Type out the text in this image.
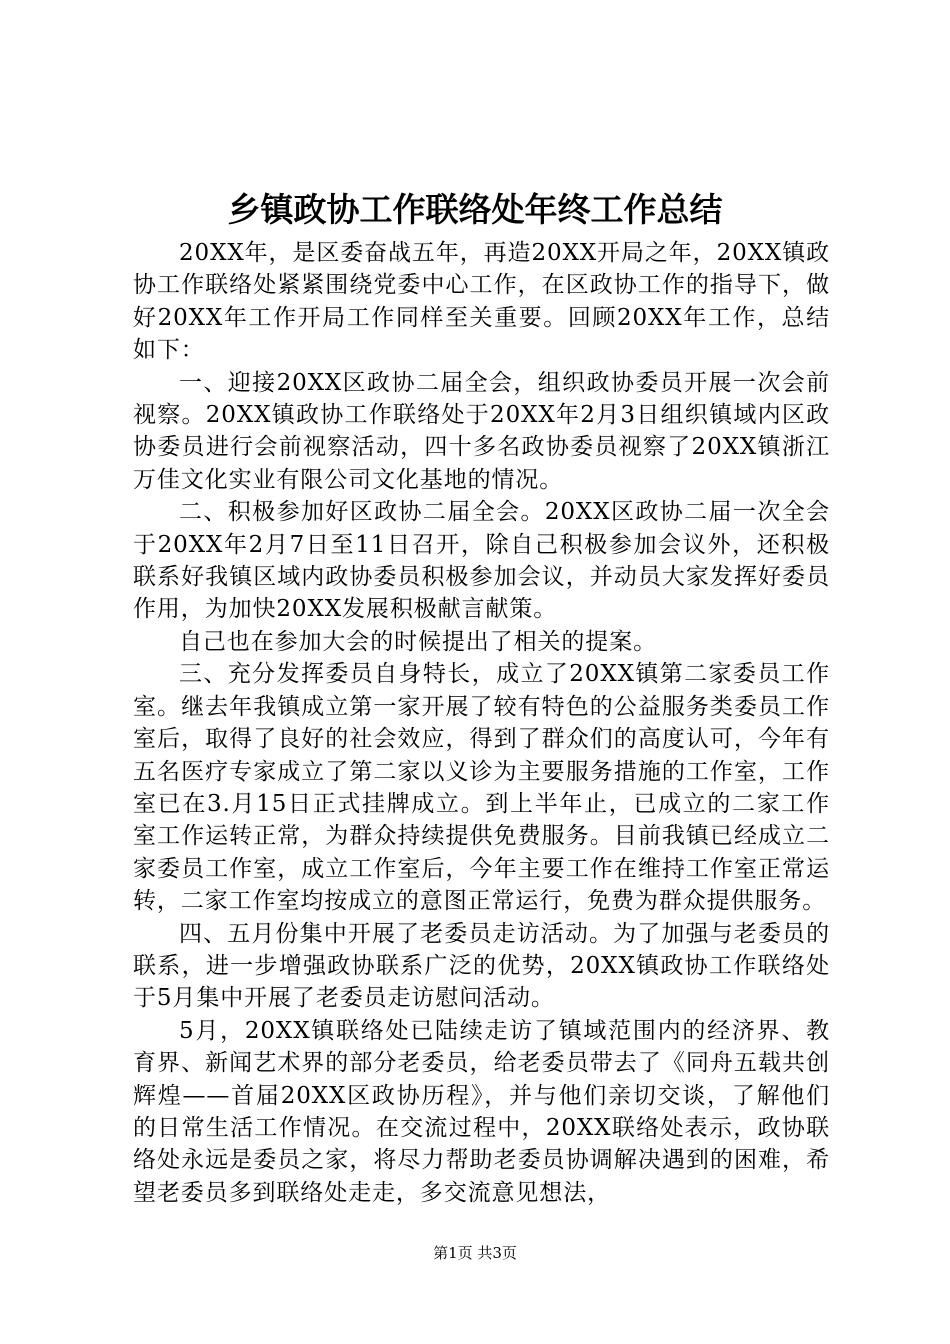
乡镇政协工作联络处年终工作总结

20XX年，是区委奋战五年，再造20XX开局之年，20XX镇政协工作联络处紧紧围绕党委中心工作，在区政协工作的指导下，做好20XX年工作开局工作同样至关重要。回顾20XX年工作，总结如下：

一、迎接20XX区政协二届全会，组织政协委员开展一次会前视察。20XX镇政协工作联络处于20XX年2月3日组织镇域内区政协委员进行会前视察活动，四十多名政协委员视察了20XX镇浙江万佳文化实业有限公司文化基地的情况。

二、积极参加好区政协二届全会。20XX区政协二届一次全会于20XX年2月7日至11日召开，除自己积极参加会议外，还积极联系好我镇区域内政协委员积极参加会议，并动员大家发挥好委员作用，为加快20XX发展积极献言献策。

自己也在参加大会的时候提出了相关的提案。

三、充分发挥委员自身特长，成立了20XX镇第二家委员工作室。继去年我镇成立第一家开展了较有特色的公益服务类委员工作室后，取得了良好的社会效应，得到了群众们的高度认可，今年有五名医疗专家成立了第二家以义诊为主要服务措施的工作室，工作室已在3.月15日正式挂牌成立。到上半年止，已成立的二家工作室工作运转正常，为群众持续提供免费服务。目前我镇已经成立二家委员工作室，成立工作室后，今年主要工作在维持工作室正常运转，二家工作室均按成立的意图正常运行，免费为群众提供服务。

四、五月份集中开展了老委员走访活动。为了加强与老委员的联系，进一步增强政协联系广泛的优势，20XX镇政协工作联络处于5月集中开展了老委员走访慰问活动。

5月，20XX镇联络处已陆续走访了镇域范围内的经济界、教育界、新闻艺术界的部分老委员，给老委员带去了《同舟五载共创辉煌——首届20XX区政协历程》，并与他们亲切交谈，了解他们的日常生活工作情况。在交流过程中，20XX联络处表示，政协联络处永远是委员之家，将尽力帮助老委员协调解决遇到的困难，希望老委员多到联络处走走，多交流意见想法，

第1页 共3页
